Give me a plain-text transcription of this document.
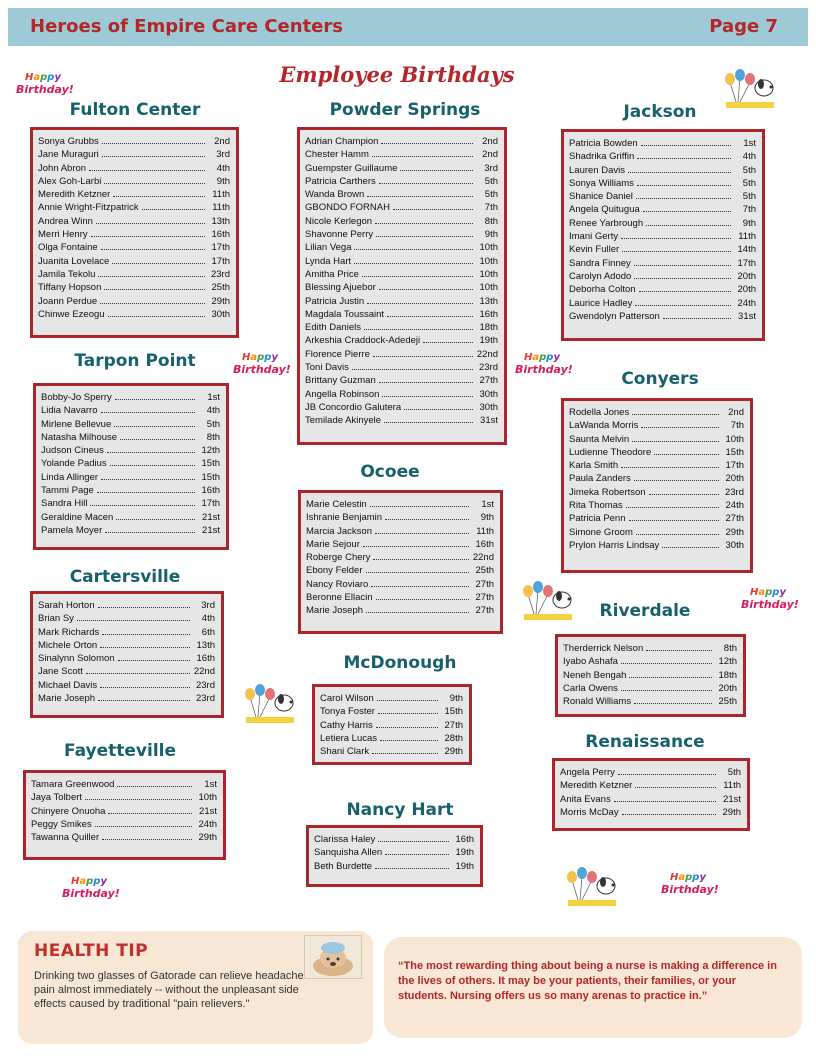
Heroes of Empire Care Centers	Page 7
Employee Birthdays
Fulton Center	Powder Springs	Jackson
Tarpon Point
Conyers
Ocoee
Cartersville
Riverdale
McDonough
Fayetteville	Renaissance
Nancy Hart
Sonya Grubbs	2nd
Jane Muraguri	3rd
John Abron	4th
Alex Goh-Larbi	9th
Meredith Ketzner	11th
Annie Wright-Fitzpatrick	11th
Andrea Winn	13th
Merri Henry	16th
Olga Fontaine	17th
Juanita Lovelace	17th
Jamila Tekolu	23rd
Tiffany Hopson	25th
Joann Perdue	29th
Chinwe Ezeogu	30th
Adrian Champion	2nd
Chester Hamm	2nd
Guempster Guillaume	3rd
Patricia Carthers	5th
Wanda Brown	5th
GBONDO FORNAH	7th
Nicole Kerlegon	8th
Shavonne Perry	9th
Lilian Vega	10th
Lynda Hart	10th
Amitha Price	10th
Blessing Ajuebor	10th
Patricia Justin	13th
Magdala Toussaint	16th
Edith Daniels	18th
Arkeshia Craddock-Adedeji	19th
Florence Pierre	22nd
Toni Davis	23rd
Brittany Guzman	27th
Angella Robinson	30th
JB Concordio Galutera	30th
Temilade Akinyele	31st
Patricia Bowden	1st
Shadrika Griffin	4th
Lauren Davis	5th
Sonya Williams	5th
Shanice Daniel	5th
Angela Quitugua	7th
Renee Yarbrough	9th
Imani Gerty	11th
Kevin Fuller	14th
Sandra Finney	17th
Carolyn Adodo	20th
Deborha Colton	20th
Laurice Hadley	24th
Gwendolyn Patterson	31st
Bobby-Jo Sperry	1st
Lidia Navarro	4th
Mirlene Bellevue	5th
Natasha Milhouse	8th
Judson Cineus	12th
Yolande Padius	15th
Linda Allinger	15th
Tammi Page	16th
Sandra Hill	17th
Geraldine Macen	21st
Pamela Moyer	21st
Rodella Jones	2nd
LaWanda Morris	7th
Saunta Melvin	10th
Ludienne Theodore	15th
Karla Smith	17th
Paula Zanders	20th
Jimeka Robertson	23rd
Rita Thomas	24th
Patricia Penn	27th
Simone Groom	29th
Prylon Harris Lindsay	30th
Marie Celestin	1st
Ishranie Benjamin	9th
Marcia Jackson	11th
Marie Sejour	16th
Roberge Chery	22nd
Ebony Felder	25th
Nancy Roviaro	27th
Beronne Ellacin	27th
Marie Joseph	27th
Sarah Horton	3rd
Brian Sy	4th
Mark Richards	6th
Michele Orton	13th
Sinalynn Solomon	16th
Jane Scott	22nd
Michael Davis	23rd
Marie Joseph	23rd
Therderrick Nelson	8th
Iyabo Ashafa	12th
Neneh Bengah	18th
Carla Owens	20th
Ronald Williams	25th
Carol Wilson	9th
Tonya Foster	15th
Cathy Harris	27th
Letiera Lucas	28th
Shani Clark	29th
Tamara Greenwood	1st
Jaya Tolbert	10th
Chinyere Onuoha	21st
Peggy Smikes	24th
Tawanna Quiller	29th
Angela Perry	5th
Meredith Ketzner	11th
Anita Evans	21st
Morris McDay	29th
Clarissa Haley	16th
Sanquisha Allen	19th
Beth Burdette	19th
Happy
Birthday!
Happy
Birthday!
Happy
Birthday!
Happy
Birthday!
Happy
Birthday!
Happy
Birthday!
HEALTH TIP
Drinking two glasses of Gatorade can relieve headache pain almost immediately -- without the unpleasant side effects caused by traditional "pain relievers."
“The most rewarding thing about being a nurse is making a difference in the lives of others. It may be your patients, their families, or your students. Nursing offers us so many arenas to practice in.”
